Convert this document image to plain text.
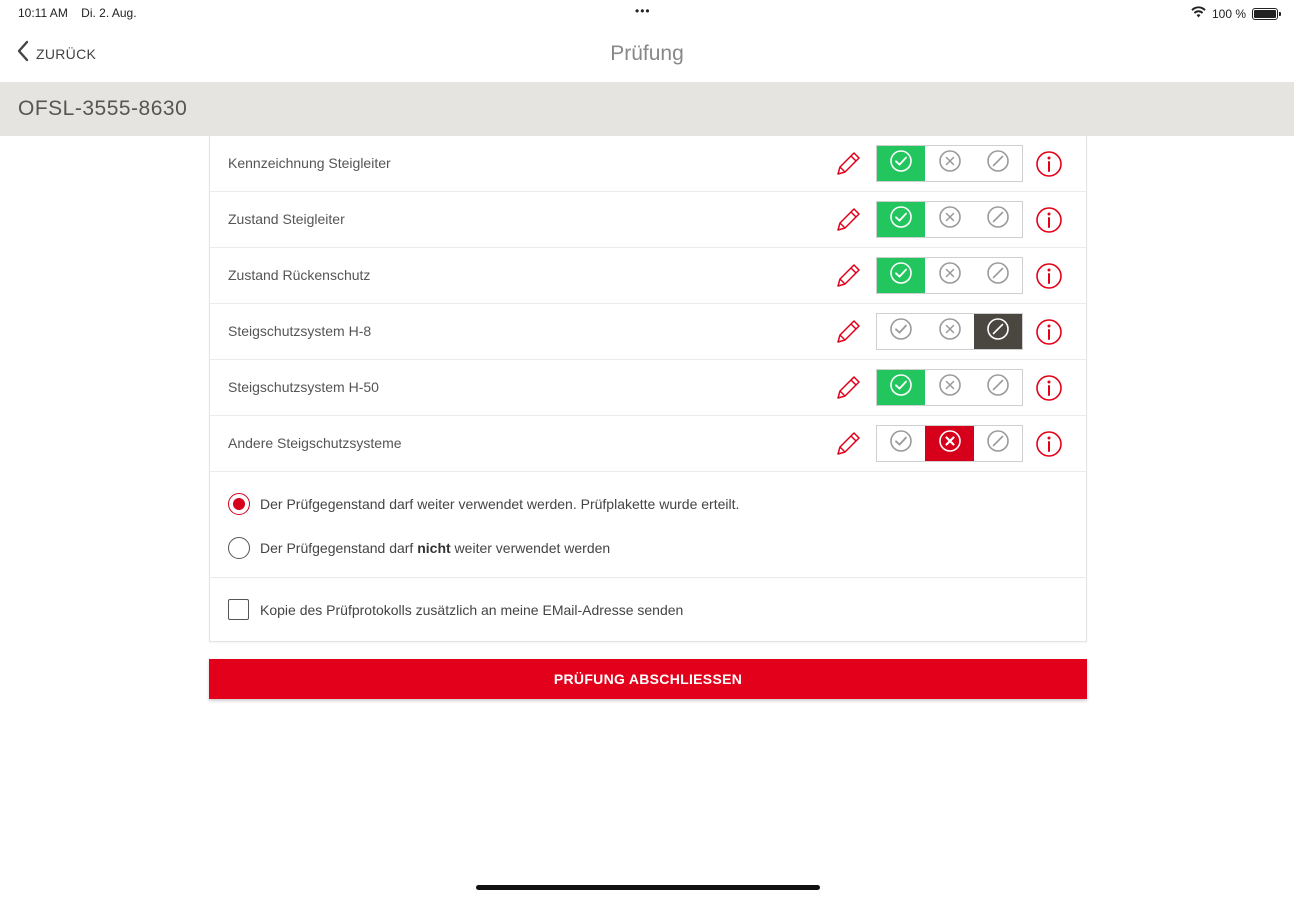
10:11 AM Di. 2. Aug.	•••	100 %
ZURÜCK	Prüfung
OFSL-3555-8630
Kennzeichnung Steigleiter
Zustand Steigleiter
Zustand Rückenschutz
Steigschutzsystem H-8
Steigschutzsystem H-50
Andere Steigschutzsysteme
Der Prüfgegenstand darf weiter verwendet werden. Prüfplakette wurde erteilt.
Der Prüfgegenstand darf nicht weiter verwendet werden
Kopie des Prüfprotokolls zusätzlich an meine EMail-Adresse senden
PRÜFUNG ABSCHLIESSEN
